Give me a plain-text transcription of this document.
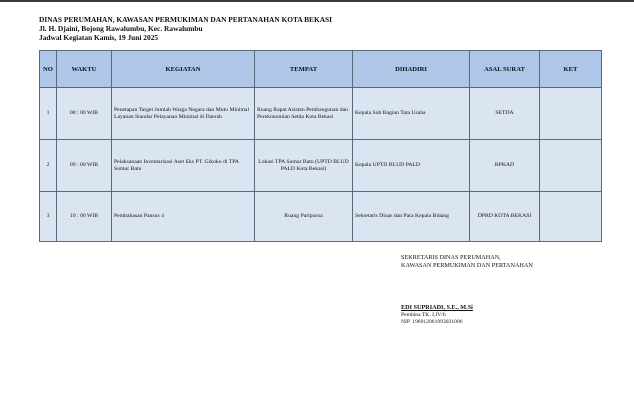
DINAS PERUMAHAN, KAWASAN PERMUKIMAN DAN PERTANAHAN KOTA BEKASI
Jl. H. Djaini, Bojong Rawalumbu, Kec. Rawalumbu
Jadwal Kegiatan Kamis, 19 Juni 2025
NO	WAKTU	KEGIATAN	TEMPAT	DIHADIRI	ASAL SURAT	KET
1	08 : 00 WIB	Penetapan Target Jumlah Warga Negara dan Mutu Minimal Layanan Standar Pelayanan Minimal di Daerah	Ruang Rapat Asisten Pembangunan dan Perekonomian Setda Kota Bekasi	Kepala Sub Bagian Tata Usaha	SETDA	
2	09 : 00 WIB	Pelaksanaan Inventarisasi Aset Eks PT. Gikoko di TPA Sumur Batu	Lokasi TPA Sumur Batu (UPTD BLUD PALD Kota Bekasi)	Kepala UPTD BLUD PALD	BPKAD	
3	10 : 00 WIB	Pembahasan Pansus 4	Ruang Paripurna	Sekretaris Dinas dan Para Kepala Bidang	DPRD KOTA BEKASI	
SEKRETARIS DINAS PERUMAHAN,
KAWASAN PERMUKIMAN DAN PERTANAHAN
EDI SUPRIADI, S.E., M.Si
Pembina TK. I,IV/b
NIP. 196912061993031006
